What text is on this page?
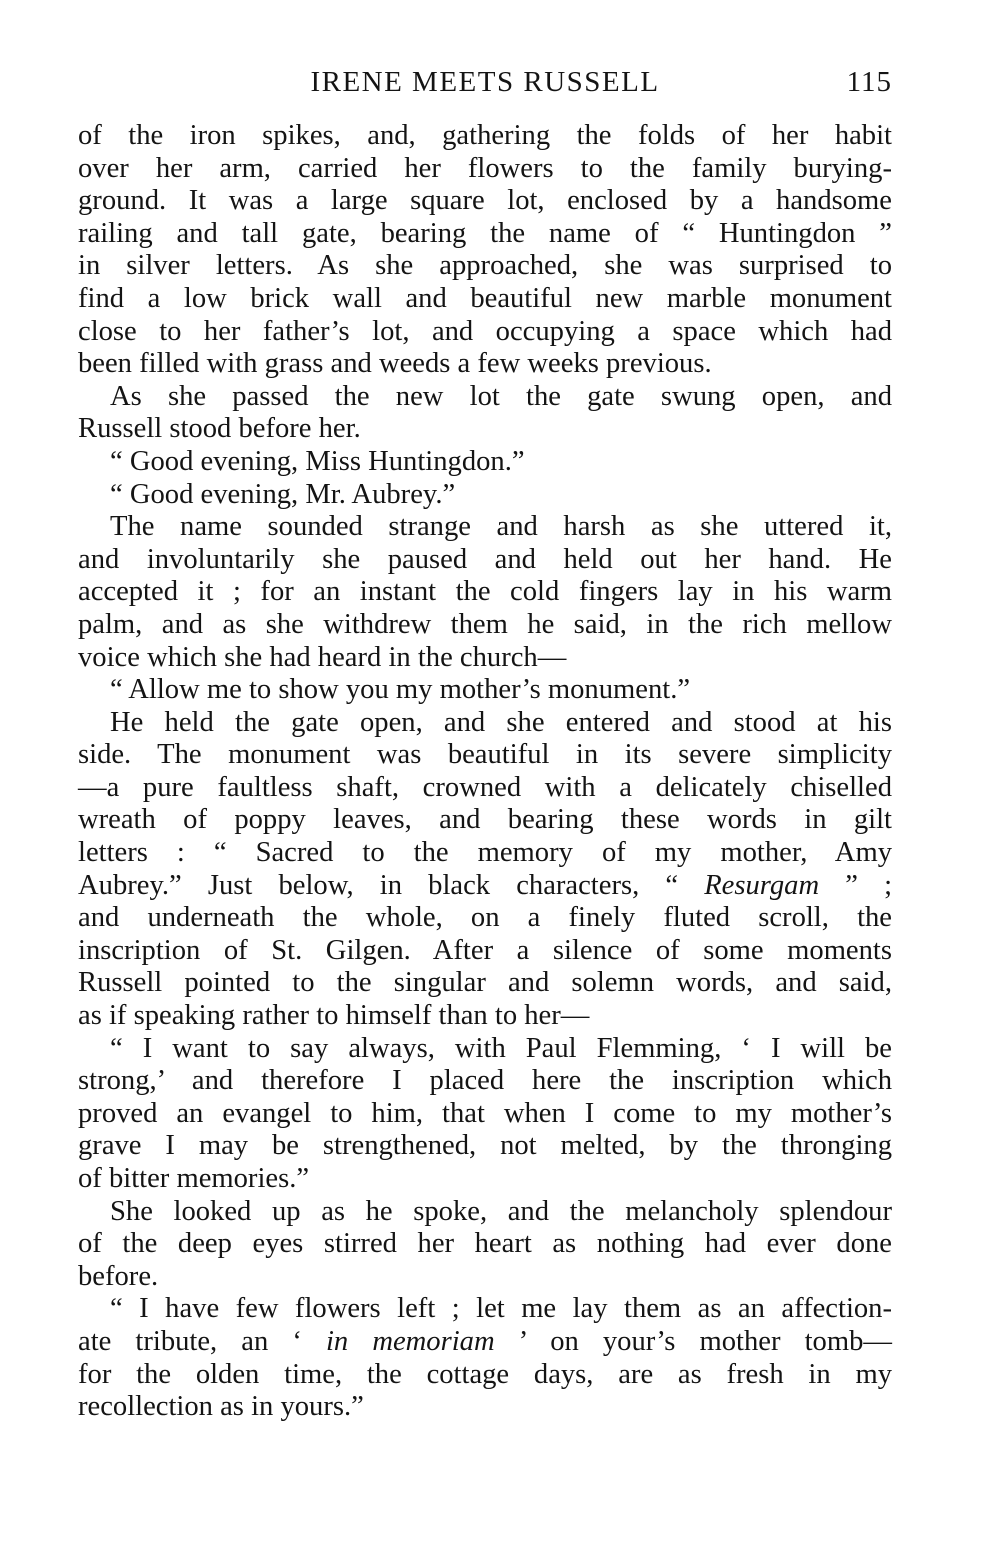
IRENE MEETS RUSSELL	115
of the iron spikes, and, gathering the folds of her habit
over her arm, carried her flowers to the family burying-
ground. It was a large square lot, enclosed by a handsome
railing and tall gate, bearing the name of “ Huntingdon ”
in silver letters. As she approached, she was surprised to
find a low brick wall and beautiful new marble monument
close to her father’s lot, and occupying a space which had
been filled with grass and weeds a few weeks previous.
As she passed the new lot the gate swung open, and
Russell stood before her.
“ Good evening, Miss Huntingdon.”
“ Good evening, Mr. Aubrey.”
The name sounded strange and harsh as she uttered it,
and involuntarily she paused and held out her hand. He
accepted it ; for an instant the cold fingers lay in his warm
palm, and as she withdrew them he said, in the rich mellow
voice which she had heard in the church—
“ Allow me to show you my mother’s monument.”
He held the gate open, and she entered and stood at his
side. The monument was beautiful in its severe simplicity
—a pure faultless shaft, crowned with a delicately chiselled
wreath of poppy leaves, and bearing these words in gilt
letters : “ Sacred to the memory of my mother, Amy
Aubrey.” Just below, in black characters, “ Resurgam ” ;
and underneath the whole, on a finely fluted scroll, the
inscription of St. Gilgen. After a silence of some moments
Russell pointed to the singular and solemn words, and said,
as if speaking rather to himself than to her—
“ I want to say always, with Paul Flemming, ‘ I will be
strong,’ and therefore I placed here the inscription which
proved an evangel to him, that when I come to my mother’s
grave I may be strengthened, not melted, by the thronging
of bitter memories.”
She looked up as he spoke, and the melancholy splendour
of the deep eyes stirred her heart as nothing had ever done
before.
“ I have few flowers left ; let me lay them as an affection-
ate tribute, an ‘ in memoriam ’ on your’s mother tomb—
for the olden time, the cottage days, are as fresh in my
recollection as in yours.”
